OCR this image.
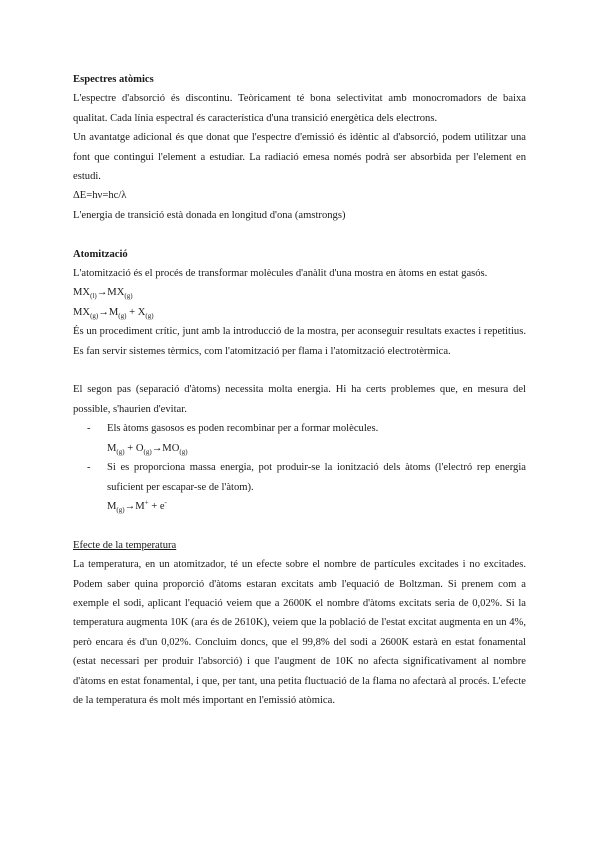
Espectres atòmics

L'espectre d'absorció és discontinu. Teòricament té bona selectivitat amb monocromadors de baixa qualitat. Cada línia espectral és característica d'una transició energètica dels electrons.

Un avantatge adicional és que donat que l'espectre d'emissió és idèntic al d'absorció, podem utilitzar una font que contingui l'element a estudiar. La radiació emesa només podrà ser absorbida per l'element en estudi.

ΔE=hν=hc/λ

L'energia de transició està donada en longitud d'ona (amstrongs)

Atomització

L'atomització és el procés de transformar molècules d'anàlit d'una mostra en àtoms en estat gasós.

$MX_{(l)}\to MX_{(g)}$

$MX_{(g)}\to M_{(g)} + X_{(g)}$

És un procediment crític, junt amb la introducció de la mostra, per aconseguir resultats exactes i repetitius. Es fan servir sistemes tèrmics, com l'atomització per flama i l'atomització electrotèrmica.

El segon pas (separació d'àtoms) necessita molta energia. Hi ha certs problemes que, en mesura del possible, s'haurien d'evitar.

- Els àtoms gasosos es poden recombinar per a formar molècules.

$M_{(g)} + O_{(g)}\to MO_{(g)}$

- Si es proporciona massa energia, pot produir-se la ionització dels àtoms (l'electró rep energia suficient per escapar-se de l'àtom).

$M_{(g)}\to M^+ + e^-$

Efecte de la temperatura

La temperatura, en un atomitzador, té un efecte sobre el nombre de partícules excitades i no excitades. Podem saber quina proporció d'àtoms estaran excitats amb l'equació de Boltzman. Si prenem com a exemple el sodi, aplicant l'equació veiem que a 2600K el nombre d'àtoms excitats seria de 0,02%. Si la temperatura augmenta 10K (ara és de 2610K), veiem que la població de l'estat excitat augmenta en un 4%, però encara és d'un 0,02%. Concluim doncs, que el 99,8% del sodi a 2600K estarà en estat fonamental (estat necessari per produir l'absorció) i que l'augment de 10K no afecta significativament al nombre d'àtoms en estat fonamental, i que, per tant, una petita fluctuació de la flama no afectarà al procés. L'efecte de la temperatura és molt més important en l'emissió atòmica.
